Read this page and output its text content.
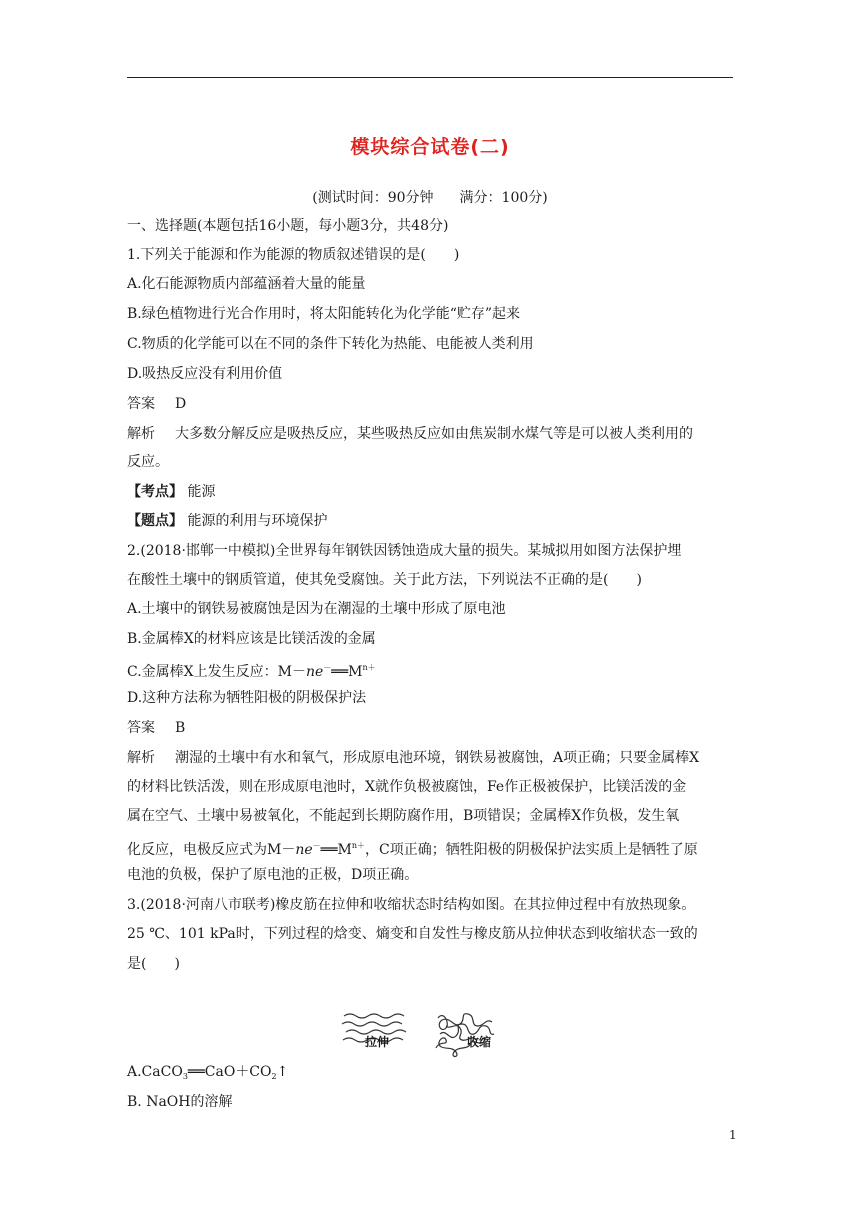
模块综合试卷(二)
(测试时间：90分钟 满分：100分)
一、选择题(本题包括16小题，每小题3分，共48分)
1.下列关于能源和作为能源的物质叙述错误的是(　　)
A.化石能源物质内部蕴涵着大量的能量
B.绿色植物进行光合作用时，将太阳能转化为化学能“贮存”起来
C.物质的化学能可以在不同的条件下转化为热能、电能被人类利用
D.吸热反应没有利用价值
答案 D
解析 大多数分解反应是吸热反应，某些吸热反应如由焦炭制水煤气等是可以被人类利用的
反应。
【考点】 能源
【题点】 能源的利用与环境保护
2.(2018·邯郸一中模拟)全世界每年钢铁因锈蚀造成大量的损失。某城拟用如图方法保护埋
在酸性土壤中的钢质管道，使其免受腐蚀。关于此方法，下列说法不正确的是(　　)
A.土壤中的钢铁易被腐蚀是因为在潮湿的土壤中形成了原电池
B.金属棒X的材料应该是比镁活泼的金属
C.金属棒X上发生反应：$M-ne^-══M^{n+}$
D.这种方法称为牺牲阳极的阴极保护法
答案 B
解析 潮湿的土壤中有水和氧气，形成原电池环境，钢铁易被腐蚀，A项正确；只要金属棒X
的材料比铁活泼，则在形成原电池时，X就作负极被腐蚀，Fe作正极被保护，比镁活泼的金
属在空气、土壤中易被氧化，不能起到长期防腐作用，B项错误；金属棒X作负极，发生氧
化反应，电极反应式为$M-ne^-══M^{n+}$，C项正确；牺牲阳极的阴极保护法实质上是牺牲了原
电池的负极，保护了原电池的正极，D项正确。
3.(2018·河南八市联考)橡皮筋在拉伸和收缩状态时结构如图。在其拉伸过程中有放热现象。
25 ℃、101 kPa时，下列过程的焓变、熵变和自发性与橡皮筋从拉伸状态到收缩状态一致的
是(　　)
拉伸	收缩
$A.CaCO_3══CaO+CO_2↑$
B. NaOH的溶解
1
